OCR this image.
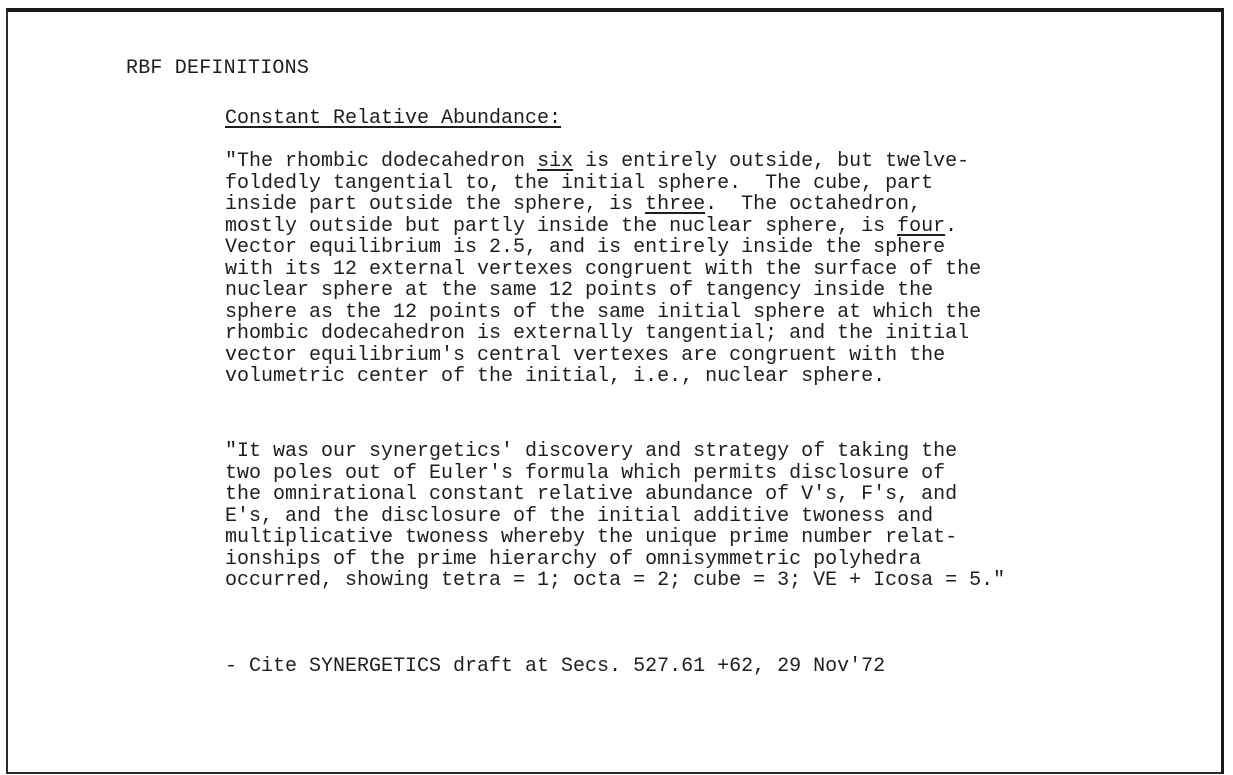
RBF DEFINITIONS
Constant Relative Abundance:
"The rhombic dodecahedron six is entirely outside, but twelve-
foldedly tangential to, the initial sphere.  The cube, part
inside part outside the sphere, is three.  The octahedron,
mostly outside but partly inside the nuclear sphere, is four.
Vector equilibrium is 2.5, and is entirely inside the sphere
with its 12 external vertexes congruent with the surface of the
nuclear sphere at the same 12 points of tangency inside the
sphere as the 12 points of the same initial sphere at which the
rhombic dodecahedron is externally tangential; and the initial
vector equilibrium's central vertexes are congruent with the
volumetric center of the initial, i.e., nuclear sphere.
"It was our synergetics' discovery and strategy of taking the
two poles out of Euler's formula which permits disclosure of
the omnirational constant relative abundance of V's, F's, and
E's, and the disclosure of the initial additive twoness and
multiplicative twoness whereby the unique prime number relat-
ionships of the prime hierarchy of omnisymmetric polyhedra
occurred, showing tetra = 1; octa = 2; cube = 3; VE + Icosa = 5."
- Cite SYNERGETICS draft at Secs. 527.61 +62, 29 Nov'72
